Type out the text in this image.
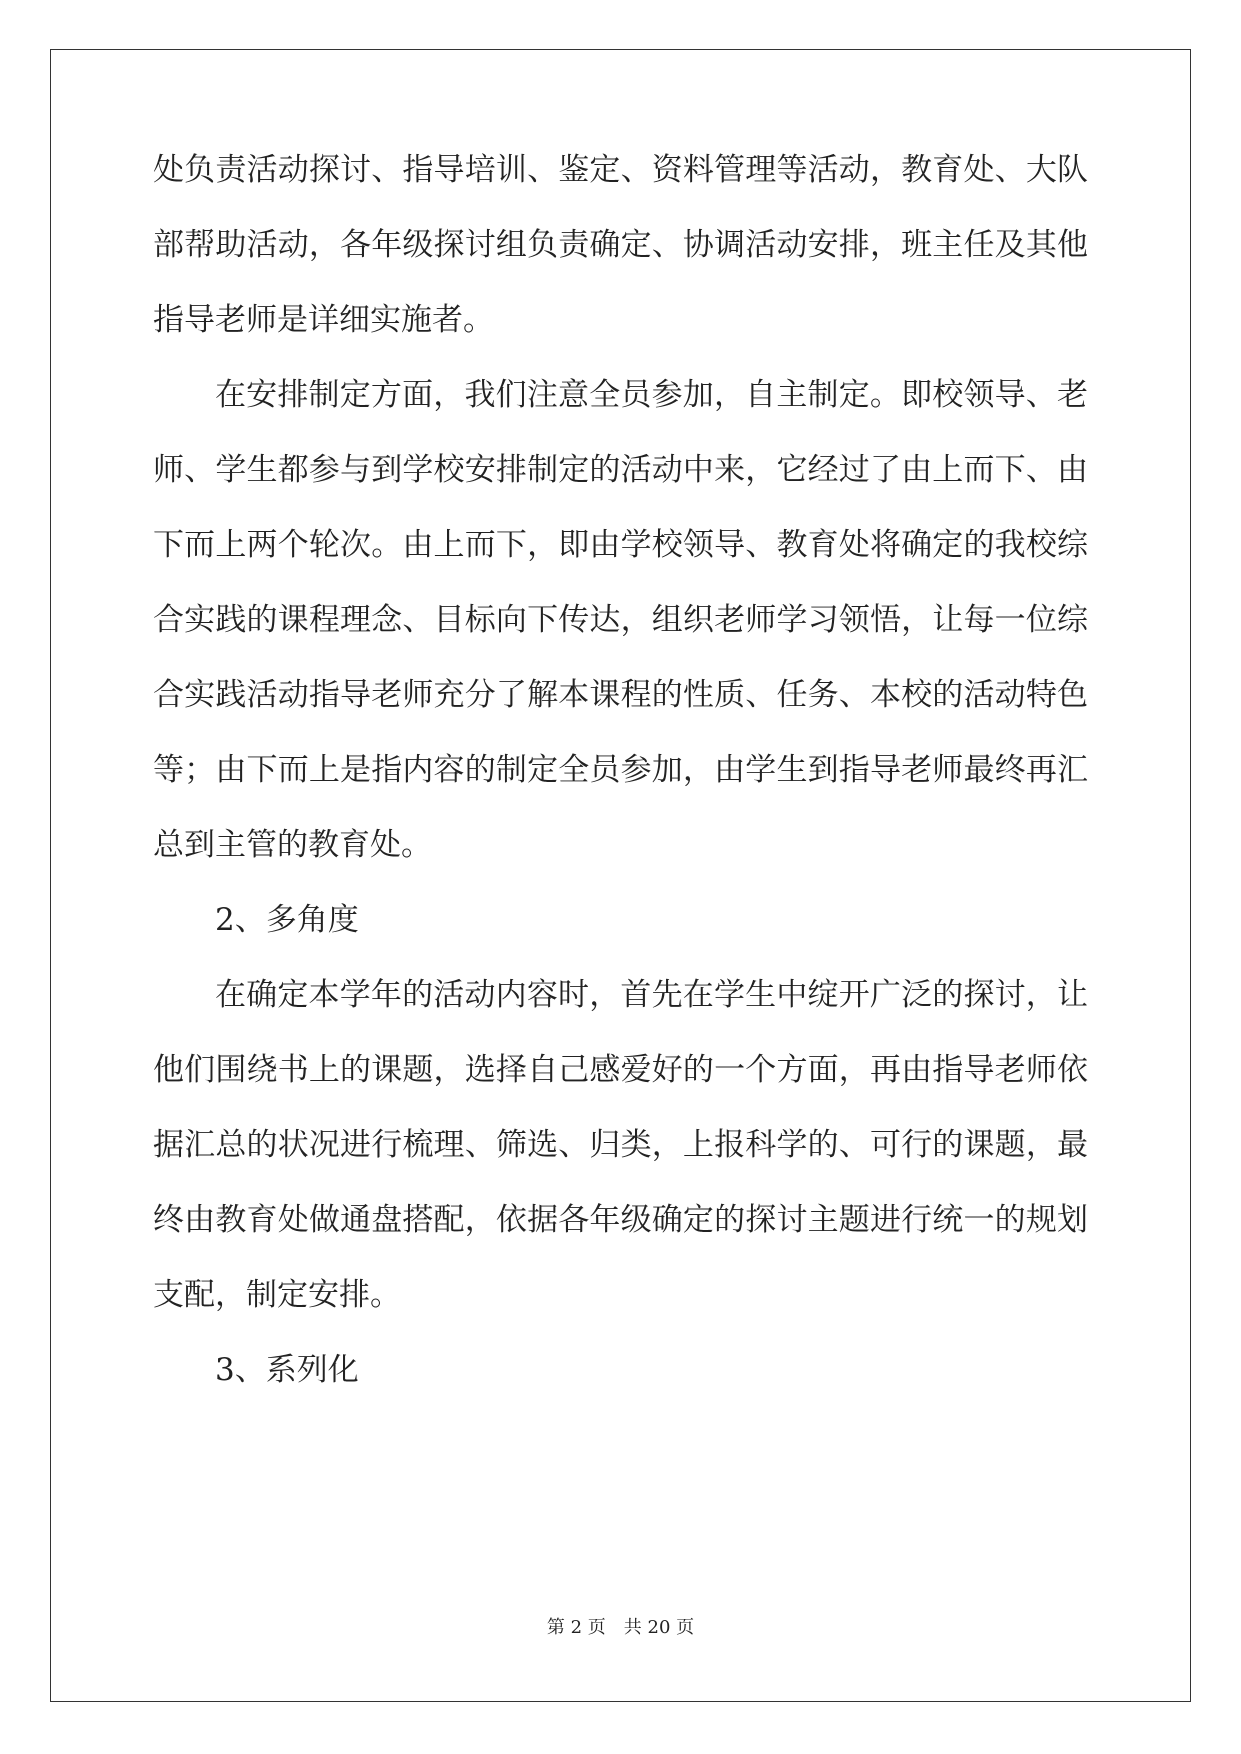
处负责活动探讨、指导培训、鉴定、资料管理等活动，教育处、大队
部帮助活动，各年级探讨组负责确定、协调活动安排，班主任及其他
指导老师是详细实施者。
在安排制定方面，我们注意全员参加，自主制定。即校领导、老
师、学生都参与到学校安排制定的活动中来，它经过了由上而下、由
下而上两个轮次。由上而下，即由学校领导、教育处将确定的我校综
合实践的课程理念、目标向下传达，组织老师学习领悟，让每一位综
合实践活动指导老师充分了解本课程的性质、任务、本校的活动特色
等；由下而上是指内容的制定全员参加，由学生到指导老师最终再汇
总到主管的教育处。
2、多角度
在确定本学年的活动内容时，首先在学生中绽开广泛的探讨，让
他们围绕书上的课题，选择自己感爱好的一个方面，再由指导老师依
据汇总的状况进行梳理、筛选、归类，上报科学的、可行的课题，最
终由教育处做通盘搭配，依据各年级确定的探讨主题进行统一的规划
支配，制定安排。
3、系列化
第 2 页 共 20 页
